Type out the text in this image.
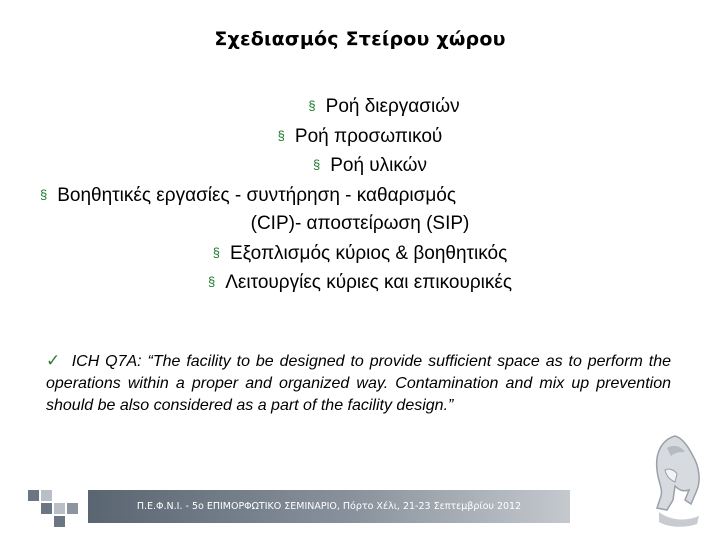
Σχεδιασμός Στείρου χώρου
§ Ροή διεργασιών
§ Ροή προσωπικού
§ Ροή υλικών
§ Βοηθητικές εργασίες - συντήρηση - καθαρισμός
(CIP)- αποστείρωση (SIP)
§ Εξοπλισμός κύριος & βοηθητικός
§ Λειτουργίες κύριες και επικουρικές
✓ ICH Q7A: “The facility to be designed to provide sufficient space as to perform the operations within a proper and organized way. Contamination and mix up prevention should be also considered as a part of the facility design.”
Π.Ε.Φ.Ν.Ι. - 5ο ΕΠΙΜΟΡΦΩΤΙΚΟ ΣΕΜΙΝΑΡΙΟ, Πόρτο Χέλι, 21-23 Σεπτεμβρίου 2012
